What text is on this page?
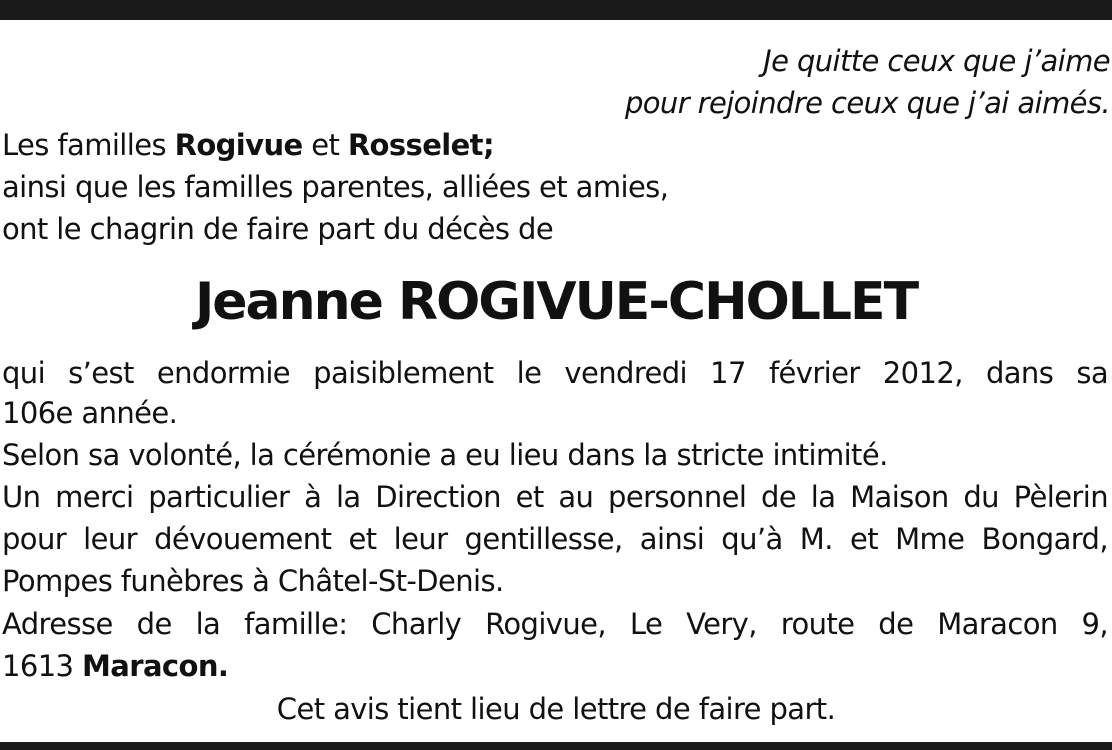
Je quitte ceux que j’aime
pour rejoindre ceux que j’ai aimés.
Les familles Rogivue et Rosselet;
ainsi que les familles parentes, alliées et amies,
ont le chagrin de faire part du décès de
Jeanne ROGIVUE-CHOLLET
qui s’est endormie paisiblement le vendredi 17 février 2012, dans sa
106e année.
Selon sa volonté, la cérémonie a eu lieu dans la stricte intimité.
Un merci particulier à la Direction et au personnel de la Maison du Pèlerin
pour leur dévouement et leur gentillesse, ainsi qu’à M. et Mme Bongard,
Pompes funèbres à Châtel-St-Denis.
Adresse de la famille: Charly Rogivue, Le Very, route de Maracon 9,
1613 Maracon.
Cet avis tient lieu de lettre de faire part.
